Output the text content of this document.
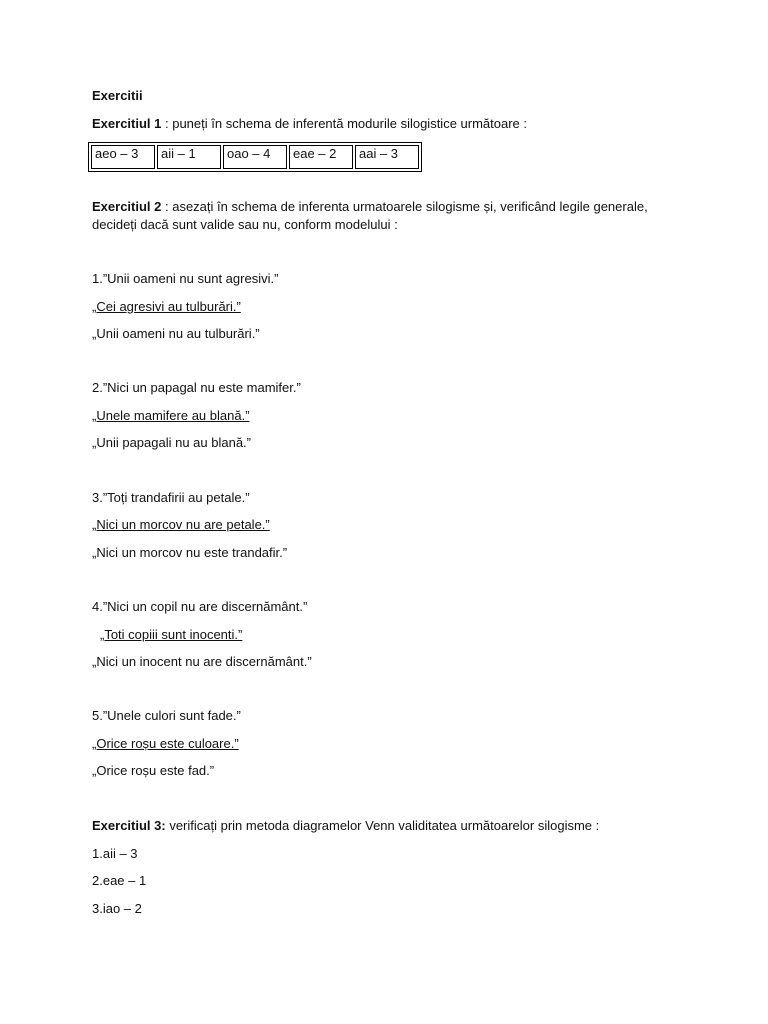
Exercitii
Exercitiul 1 : puneți în schema de inferentă modurile silogistice următoare :
aeo – 3	aii – 1	oao – 4	eae – 2	aai – 3
Exercitiul 2 : asezați în schema de inferenta urmatoarele silogisme și, verificând legile generale,
decideți dacă sunt valide sau nu, conform modelului :
1.”Unii oameni nu sunt agresivi.”
„Cei agresivi au tulburări.”
„Unii oameni nu au tulburări.”
2.”Nici un papagal nu este mamifer.”
„Unele mamifere au blană.”
„Unii papagali nu au blană.”
3.”Toți trandafirii au petale.”
„Nici un morcov nu are petale.”
„Nici un morcov nu este trandafir.”
4.”Nici un copil nu are discernământ.”
„Toti copiii sunt inocenti.”
„Nici un inocent nu are discernământ.”
5.”Unele culori sunt fade.”
„Orice roșu este culoare.”
„Orice roșu este fad.”
Exercitiul 3: verificați prin metoda diagramelor Venn validitatea următoarelor silogisme :
1.aii – 3
2.eae – 1
3.iao – 2
